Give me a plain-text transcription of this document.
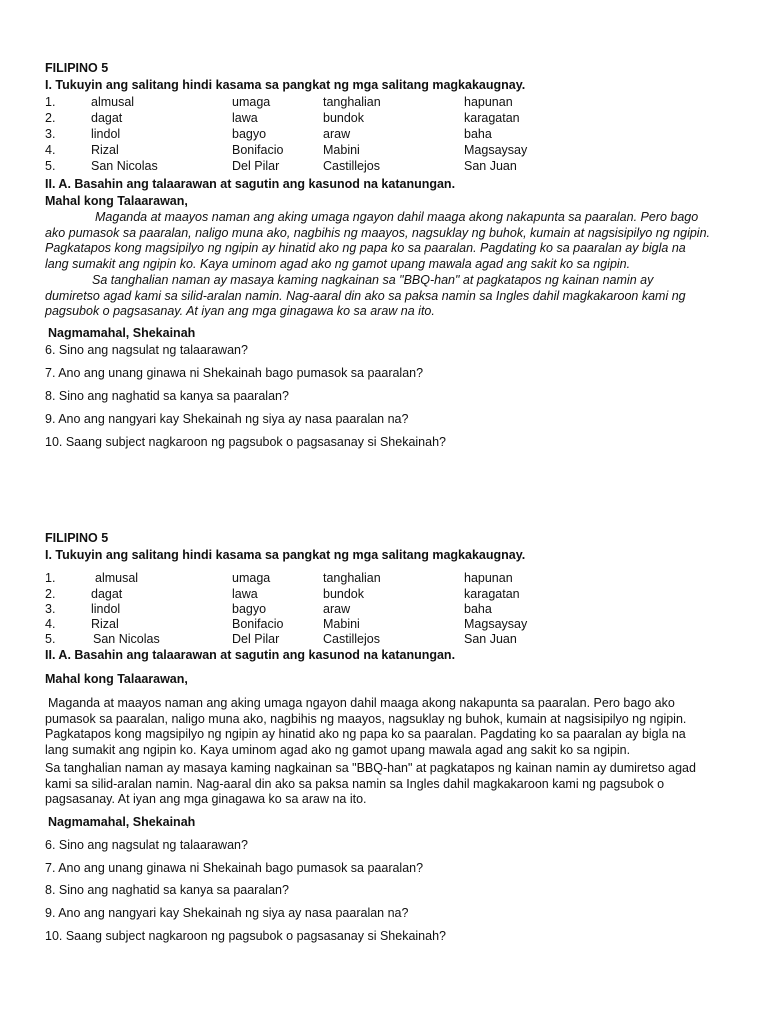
FILIPINO 5
I. Tukuyin ang salitang hindi kasama sa pangkat ng mga salitang magkakaugnay.
1.	almusal	umaga	tanghalian	hapunan
2.	dagat	lawa	bundok	karagatan
3.	lindol	bagyo	araw	baha
4.	Rizal	Bonifacio	Mabini	Magsaysay
5.	San Nicolas	Del Pilar	Castillejos	San Juan
II. A. Basahin ang talaarawan at sagutin ang kasunod na katanungan.
Mahal kong Talaarawan,

Maganda at maayos naman ang aking umaga ngayon dahil maaga akong nakapunta sa paaralan. Pero bago ako pumasok sa paaralan, naligo muna ako, nagbihis ng maayos, nagsuklay ng buhok, kumain at nagsisipilyo ng ngipin. Pagkatapos kong magsipilyo ng ngipin ay hinatid ako ng papa ko sa paaralan. Pagdating ko sa paaralan ay bigla na lang sumakit ang ngipin ko. Kaya uminom agad ako ng gamot upang mawala agad ang sakit ko sa ngipin.

Sa tanghalian naman ay masaya kaming nagkainan sa "BBQ-han" at pagkatapos ng kainan namin ay dumiretso agad kami sa silid-aralan namin. Nag-aaral din ako sa paksa namin sa Ingles dahil magkakaroon kami ng pagsubok o pagsasanay. At iyan ang mga ginagawa ko sa araw na ito.

Nagmamahal, Shekainah
6. Sino ang nagsulat ng talaarawan?
7. Ano ang unang ginawa ni Shekainah bago pumasok sa paaralan?
8. Sino ang naghatid sa kanya sa paaralan?
9. Ano ang nangyari kay Shekainah ng siya ay nasa paaralan na?
10. Saang subject nagkaroon ng pagsubok o pagsasanay si Shekainah?
FILIPINO 5
I. Tukuyin ang salitang hindi kasama sa pangkat ng mga salitang magkakaugnay.
1.	almusal	umaga	tanghalian	hapunan
2.	dagat	lawa	bundok	karagatan
3.	lindol	bagyo	araw	baha
4.	Rizal	Bonifacio	Mabini	Magsaysay
5.	San Nicolas	Del Pilar	Castillejos	San Juan
II. A. Basahin ang talaarawan at sagutin ang kasunod na katanungan.
Mahal kong Talaarawan,

Maganda at maayos naman ang aking umaga ngayon dahil maaga akong nakapunta sa paaralan. Pero bago ako pumasok sa paaralan, naligo muna ako, nagbihis ng maayos, nagsuklay ng buhok, kumain at nagsisipilyo ng ngipin. Pagkatapos kong magsipilyo ng ngipin ay hinatid ako ng papa ko sa paaralan. Pagdating ko sa paaralan ay bigla na lang sumakit ang ngipin ko. Kaya uminom agad ako ng gamot upang mawala agad ang sakit ko sa ngipin.

Sa tanghalian naman ay masaya kaming nagkainan sa "BBQ-han" at pagkatapos ng kainan namin ay dumiretso agad kami sa silid-aralan namin. Nag-aaral din ako sa paksa namin sa Ingles dahil magkakaroon kami ng pagsubok o pagsasanay. At iyan ang mga ginagawa ko sa araw na ito.

Nagmamahal, Shekainah
6. Sino ang nagsulat ng talaarawan?
7. Ano ang unang ginawa ni Shekainah bago pumasok sa paaralan?
8. Sino ang naghatid sa kanya sa paaralan?
9. Ano ang nangyari kay Shekainah ng siya ay nasa paaralan na?
10. Saang subject nagkaroon ng pagsubok o pagsasanay si Shekainah?
